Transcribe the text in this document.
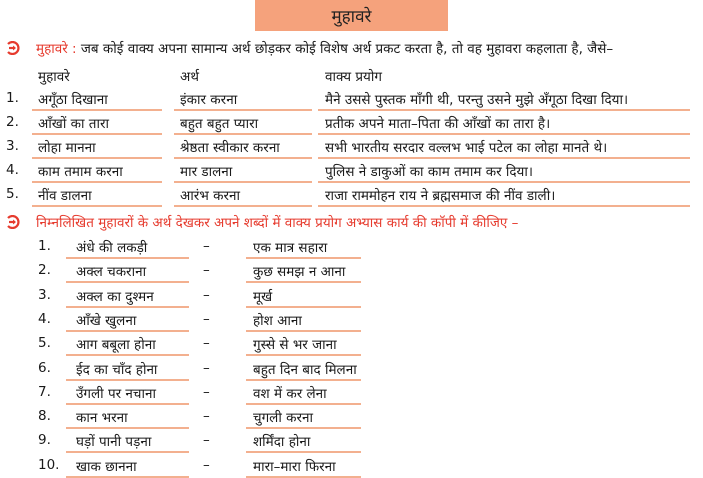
मुहावरे
मुहावरे : जब कोई वाक्य अपना सामान्य अर्थ छोड़कर कोई विशेष अर्थ प्रकट करता है, तो वह मुहावरा कहलाता है, जैसे–
मुहावरे	अर्थ	वाक्य प्रयोग
1. अगूँठा दिखाना	इंकार करना	मैने उससे पुस्तक माँगी थी, परन्तु उसने मुझे अँगूठा दिखा दिया।
2. आँखों का तारा	बहुत बहुत प्यारा	प्रतीक अपने माता–पिता की आँखों का तारा है।
3. लोहा मानना	श्रेष्ठता स्वीकार करना	सभी भारतीय सरदार वल्लभ भाई पटेल का लोहा मानते थे।
4. काम तमाम करना	मार डालना	पुलिस ने डाकुओं का काम तमाम कर दिया।
5. नींव डालना	आरंभ करना	राजा राममोहन राय ने ब्रह्मसमाज की नींव डाली।
निम्नलिखित मुहावरों के अर्थ देखकर अपने शब्दों में वाक्य प्रयोग अभ्यास कार्य की कॉपी में कीजिए –
1. अंधे की लकड़ी	–	एक मात्र सहारा
2. अक्ल चकराना	–	कुछ समझ न आना
3. अक्ल का दुश्मन	–	मूर्ख
4. आँखे खुलना	–	होश आना
5. आग बबूला होना	–	गुस्से से भर जाना
6. ईद का चाँद होना	–	बहुत दिन बाद मिलना
7. उँगली पर नचाना	–	वश में कर लेना
8. कान भरना	–	चुगली करना
9. घड़ों पानी पड़ना	–	शर्मिंदा होना
10. खाक छानना	–	मारा–मारा फिरना
